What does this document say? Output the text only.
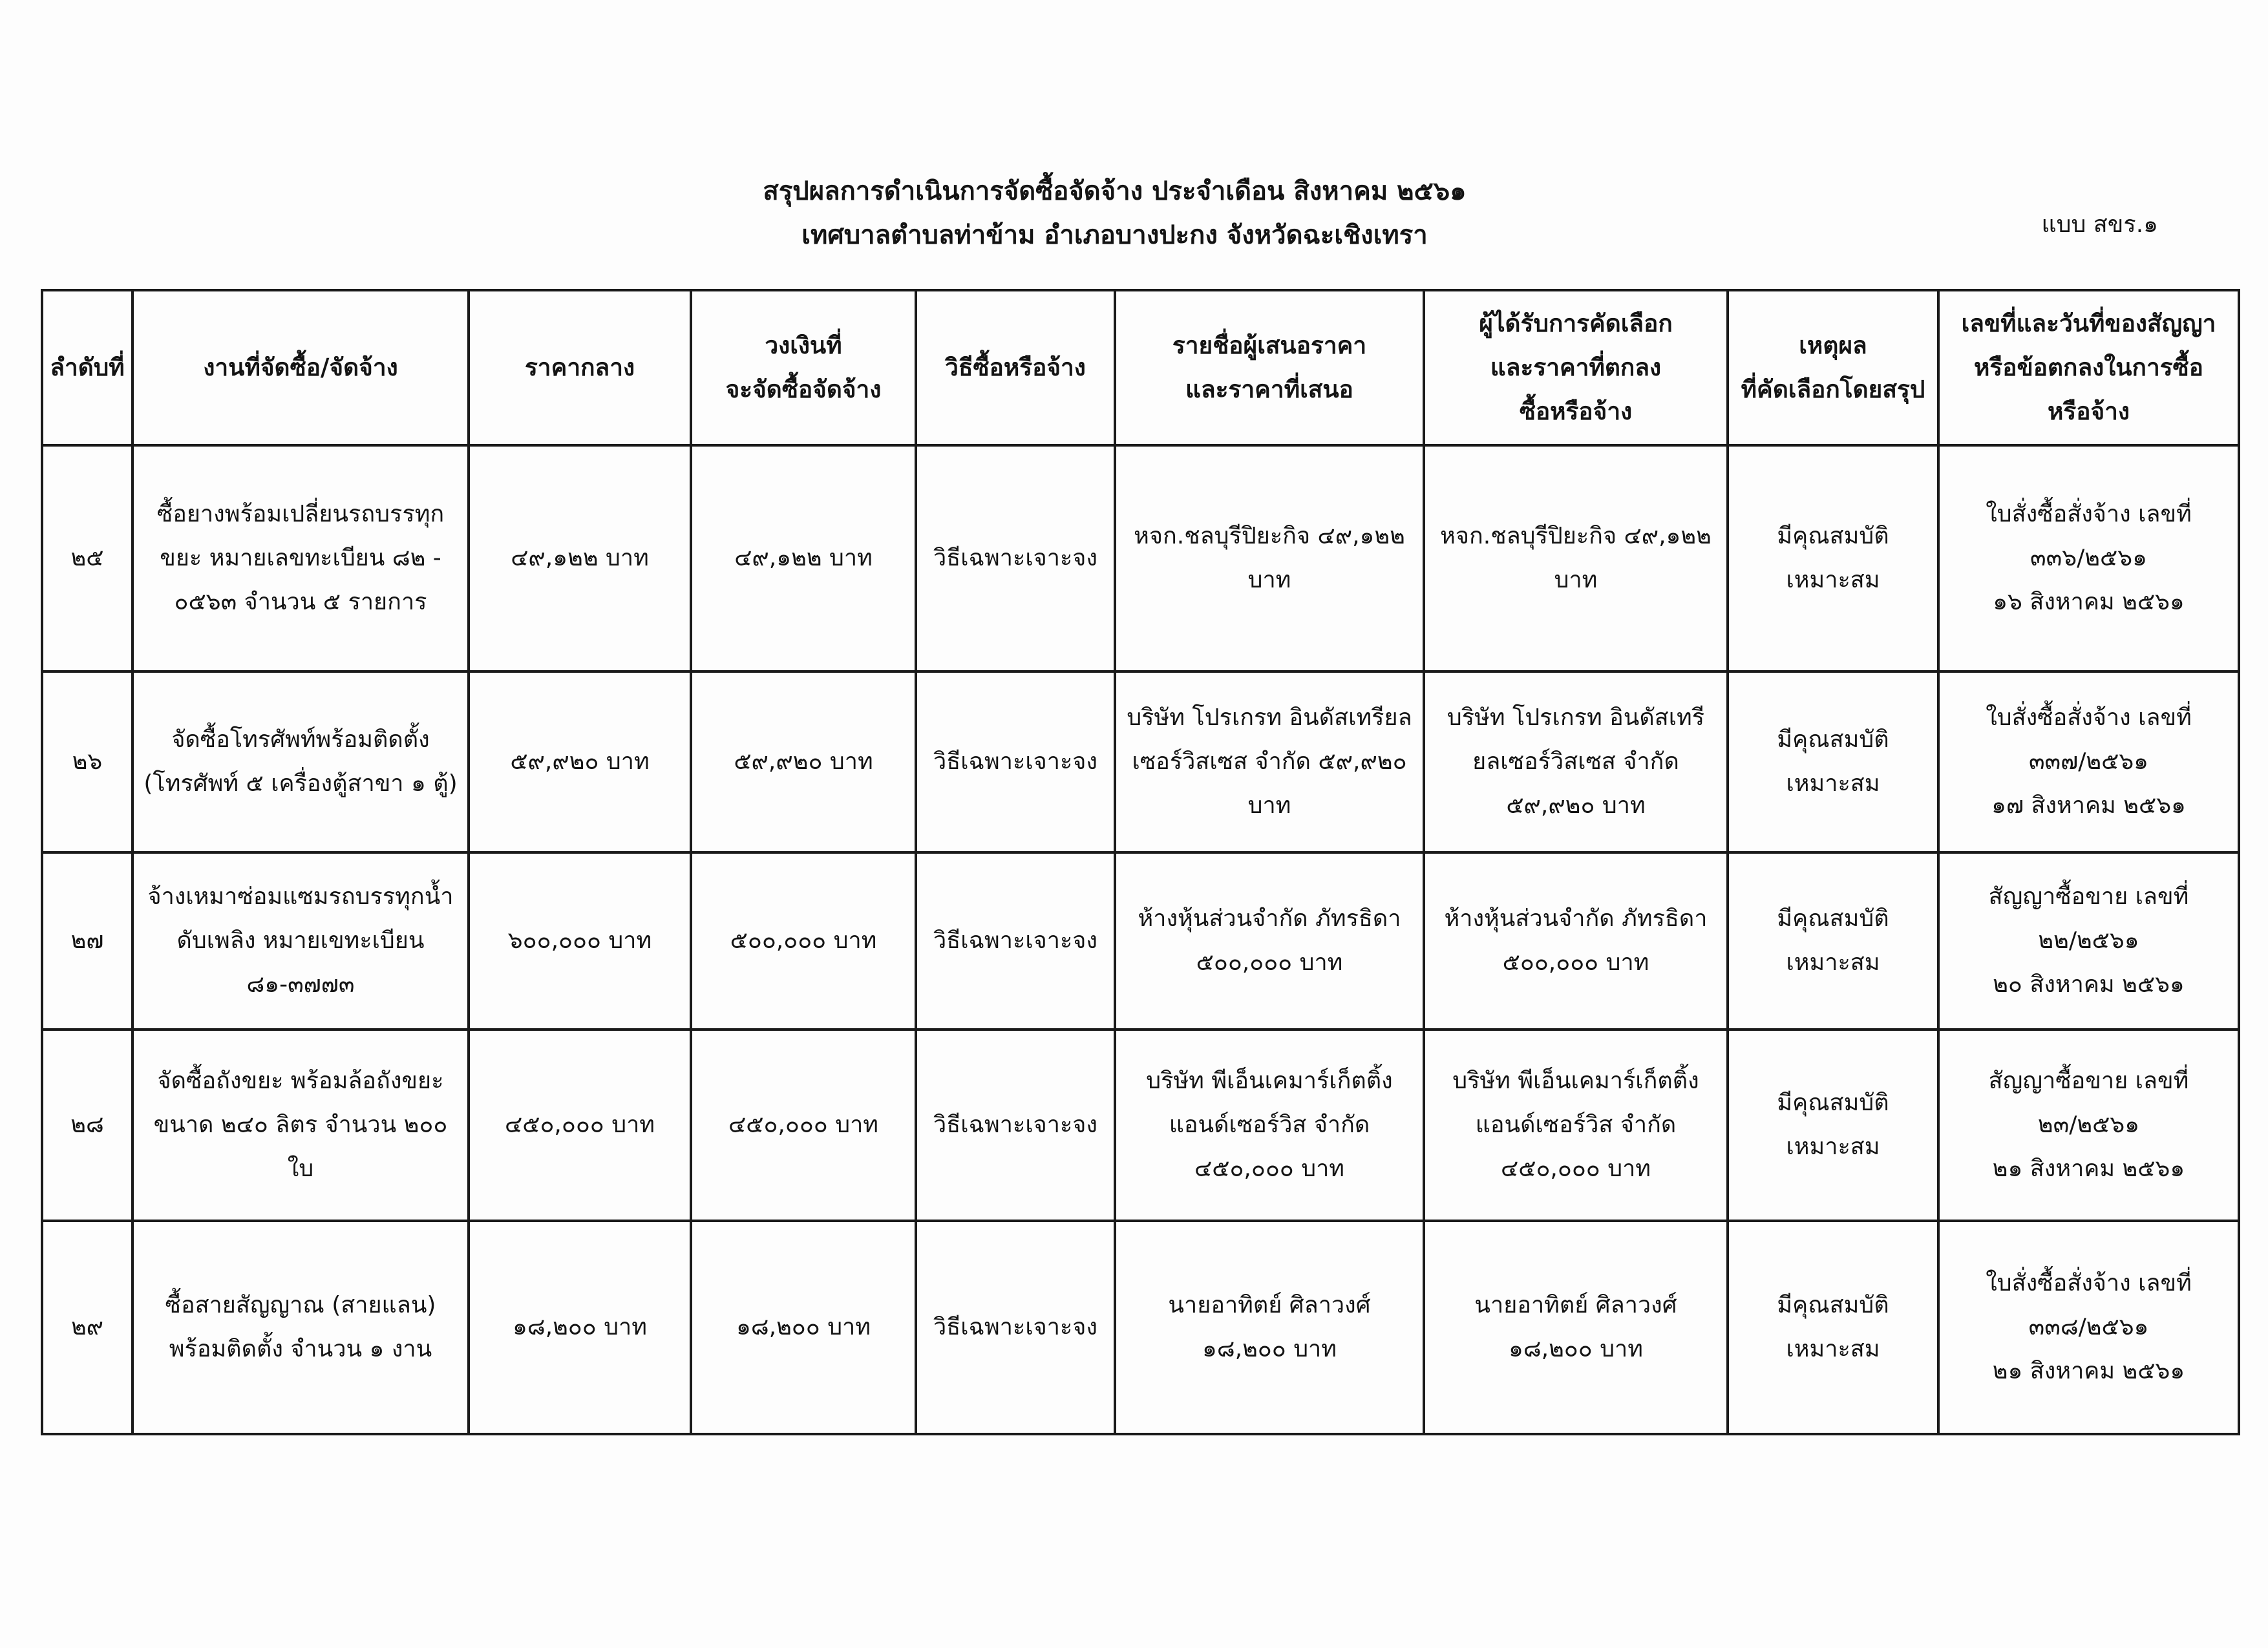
สรุปผลการดำเนินการจัดซื้อจัดจ้าง ประจำเดือน สิงหาคม ๒๕๖๑
เทศบาลตำบลท่าข้าม อำเภอบางปะกง จังหวัดฉะเชิงเทรา	แบบ สขร.๑
ลำดับที่	งานที่จัดซื้อ/จัดจ้าง	ราคากลาง	วงเงินที่
จะจัดซื้อจัดจ้าง	วิธีซื้อหรือจ้าง	รายชื่อผู้เสนอราคา
และราคาที่เสนอ	ผู้ได้รับการคัดเลือก
และราคาที่ตกลง
ซื้อหรือจ้าง	เหตุผล
ที่คัดเลือกโดยสรุป	เลขที่และวันที่ของสัญญา
หรือข้อตกลงในการซื้อ
หรือจ้าง

๒๕	ซื้อยางพร้อมเปลี่ยนรถบรรทุก
ขยะ หมายเลขทะเบียน ๘๒ -
๐๕๖๓ จำนวน ๕ รายการ	๔๙,๑๒๒ บาท	๔๙,๑๒๒ บาท	วิธีเฉพาะเจาะจง	หจก.ชลบุรีปิยะกิจ ๔๙,๑๒๒
บาท	หจก.ชลบุรีปิยะกิจ ๔๙,๑๒๒
บาท	มีคุณสมบัติ
เหมาะสม	ใบสั่งซื้อสั่งจ้าง เลขที่
๓๓๖/๒๕๖๑
๑๖ สิงหาคม ๒๕๖๑

๒๖	จัดซื้อโทรศัพท์พร้อมติดตั้ง
(โทรศัพท์ ๕ เครื่องตู้สาขา ๑ ตู้)	๕๙,๙๒๐ บาท	๕๙,๙๒๐ บาท	วิธีเฉพาะเจาะจง	บริษัท โปรเกรท อินดัสเทรียล
เซอร์วิสเซส จำกัด ๕๙,๙๒๐
บาท	บริษัท โปรเกรท อินดัสเทรี
ยลเซอร์วิสเซส จำกัด
๕๙,๙๒๐ บาท	มีคุณสมบัติ
เหมาะสม	ใบสั่งซื้อสั่งจ้าง เลขที่
๓๓๗/๒๕๖๑
๑๗ สิงหาคม ๒๕๖๑

๒๗	จ้างเหมาซ่อมแซมรถบรรทุกน้ำ
ดับเพลิง หมายเขทะเบียน
๘๑-๓๗๗๓	๖๐๐,๐๐๐ บาท	๕๐๐,๐๐๐ บาท	วิธีเฉพาะเจาะจง	ห้างหุ้นส่วนจำกัด ภัทรธิดา
๕๐๐,๐๐๐ บาท	ห้างหุ้นส่วนจำกัด ภัทรธิดา
๕๐๐,๐๐๐ บาท	มีคุณสมบัติ
เหมาะสม	สัญญาซื้อขาย เลขที่
๒๒/๒๕๖๑
๒๐ สิงหาคม ๒๕๖๑

๒๘	จัดซื้อถังขยะ พร้อมล้อถังขยะ
ขนาด ๒๔๐ ลิตร จำนวน ๒๐๐
ใบ	๔๕๐,๐๐๐ บาท	๔๕๐,๐๐๐ บาท	วิธีเฉพาะเจาะจง	บริษัท พีเอ็นเคมาร์เก็ตติ้ง
แอนด์เซอร์วิส จำกัด
๔๕๐,๐๐๐ บาท	บริษัท พีเอ็นเคมาร์เก็ตติ้ง
แอนด์เซอร์วิส จำกัด
๔๕๐,๐๐๐ บาท	มีคุณสมบัติ
เหมาะสม	สัญญาซื้อขาย เลขที่
๒๓/๒๕๖๑
๒๑ สิงหาคม ๒๕๖๑

๒๙	ซื้อสายสัญญาณ (สายแลน)
พร้อมติดตั้ง จำนวน ๑ งาน	๑๘,๒๐๐ บาท	๑๘,๒๐๐ บาท	วิธีเฉพาะเจาะจง	นายอาทิตย์ ศิลาวงศ์
๑๘,๒๐๐ บาท	นายอาทิตย์ ศิลาวงศ์
๑๘,๒๐๐ บาท	มีคุณสมบัติ
เหมาะสม	ใบสั่งซื้อสั่งจ้าง เลขที่
๓๓๘/๒๕๖๑
๒๑ สิงหาคม ๒๕๖๑
